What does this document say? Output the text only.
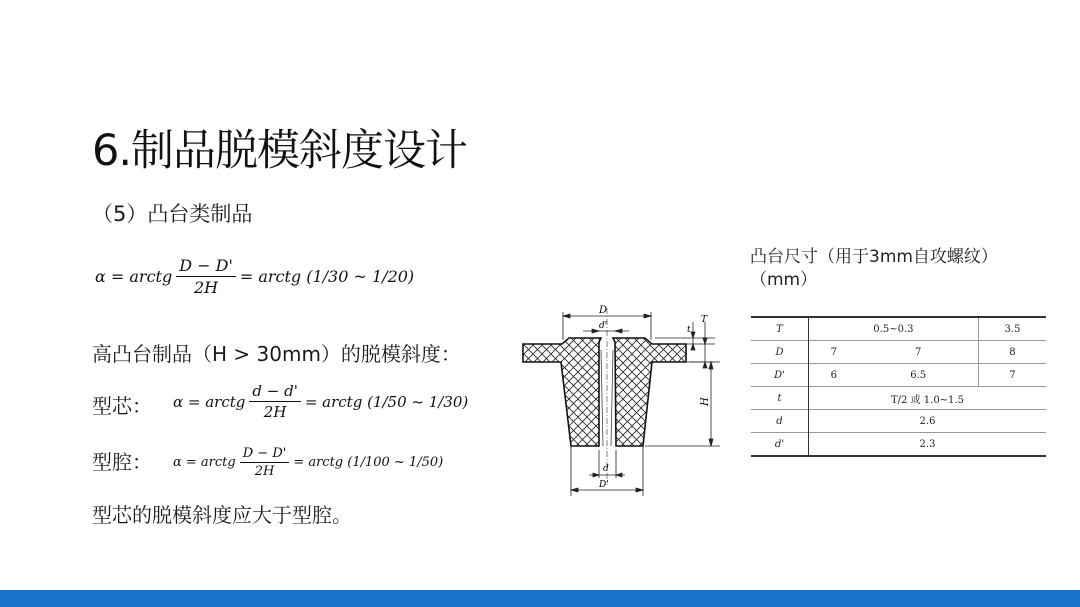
6.制品脱模斜度设计
（5）凸台类制品
α = arctg $\frac{D - D'}{2H}$ = arctg (1/30 ~ 1/20)
高凸台制品（H > 30mm）的脱模斜度：
型芯： α = arctg $\frac{d - d'}{2H}$ = arctg (1/50 ~ 1/30)
型腔： α = arctg $\frac{D - D'}{2H}$ = arctg (1/100 ~ 1/50)
型芯的脱模斜度应大于型腔。
D
d'	t
T
H
d
D'
凸台尺寸（用于3mm自攻螺纹）
（mm）
T	0.5~0.3		3.5
D	7	7	8
D'	6	6.5	7
t	T/2 或 1.0~1.5		
d	2.6		
d'	2.3		
